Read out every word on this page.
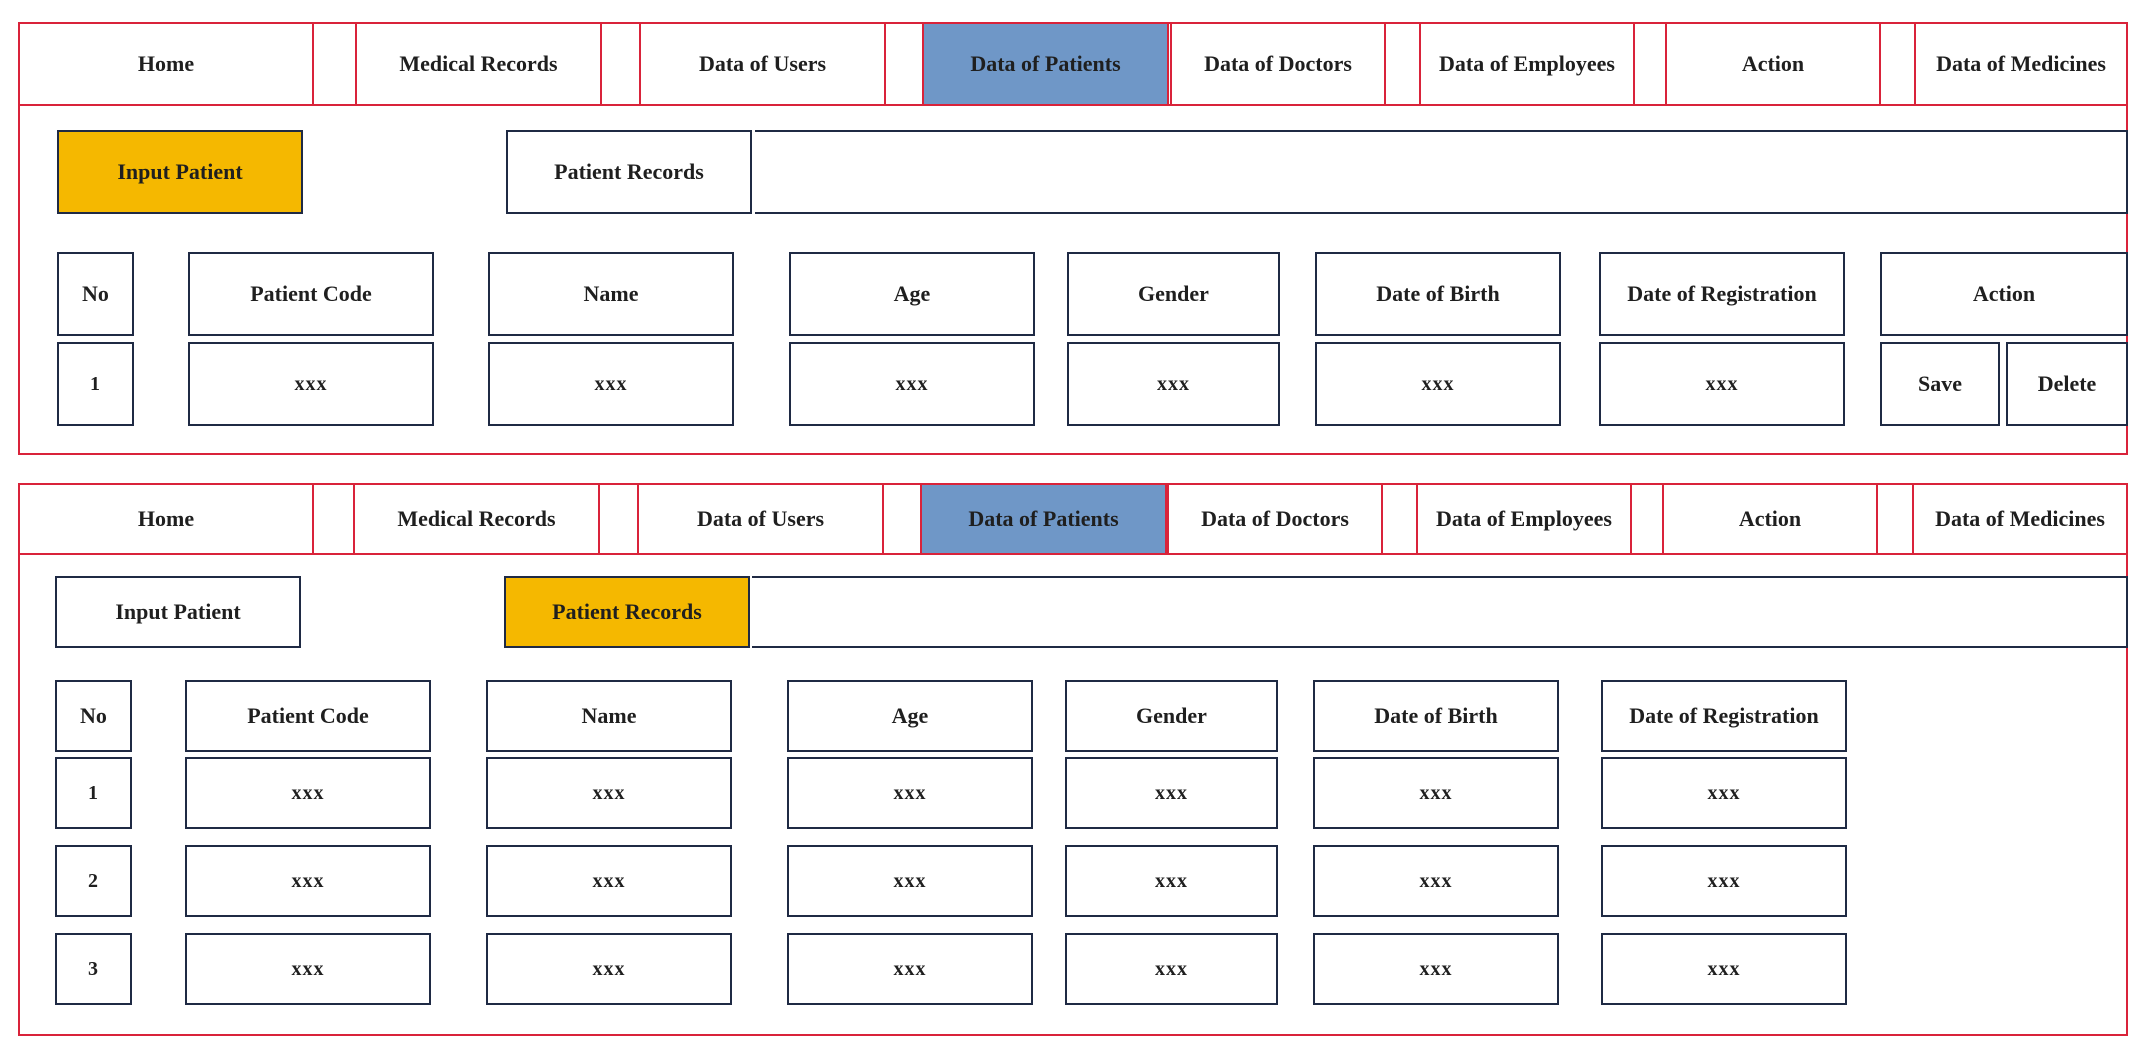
Home	Medical Records	Data of Users	Data of Patients	Data of Doctors	Data of Employees	Action	Data of Medicines
Input Patient	Patient Records
No	Patient Code	Name	Age	Gender	Date of Birth	Date of Registration	Action
1	xxx	xxx	xxx	xxx	xxx	xxx	Save	Delete
Home	Medical Records	Data of Users	Data of Patients	Data of Doctors	Data of Employees	Action	Data of Medicines
Input Patient	Patient Records
No	Patient Code	Name	Age	Gender	Date of Birth	Date of Registration
1	xxx	xxx	xxx	xxx	xxx	xxx
2	xxx	xxx	xxx	xxx	xxx	xxx
3	xxx	xxx	xxx	xxx	xxx	xxx
